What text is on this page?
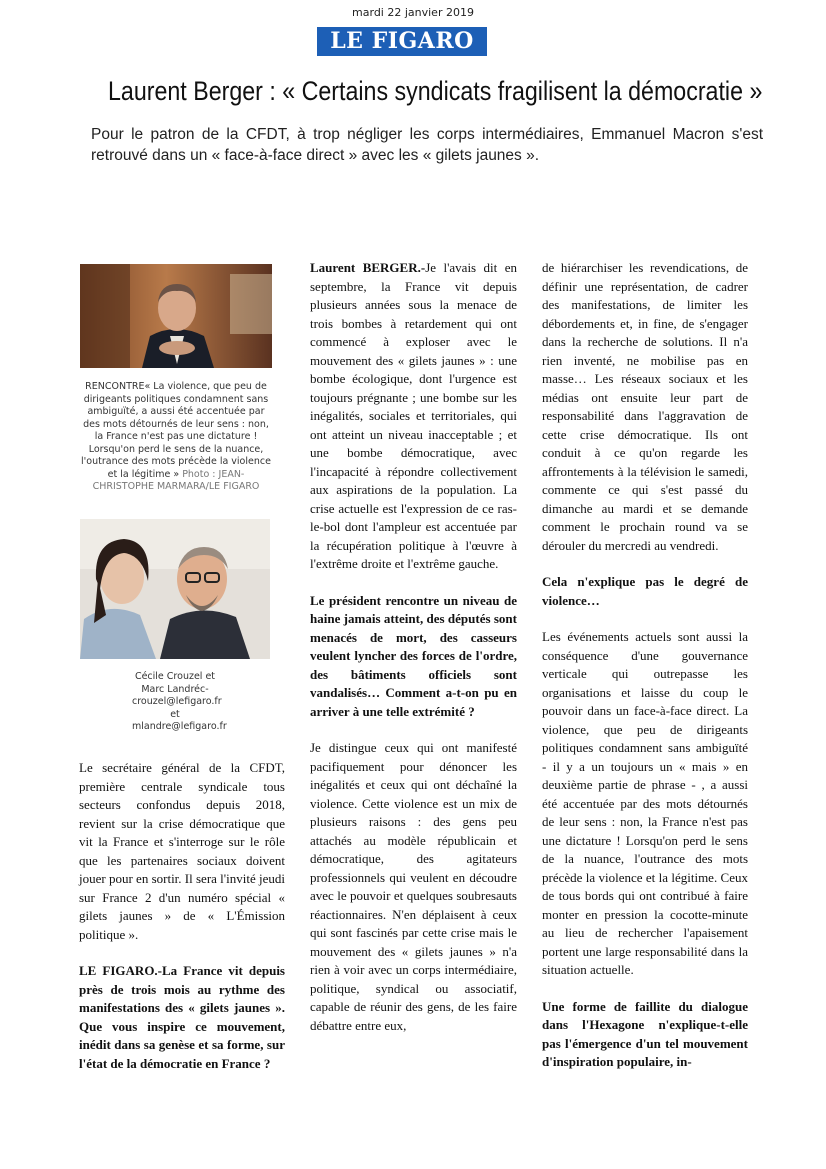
mardi 22 janvier 2019
LE FIGARO
Laurent Berger : « Certains syndicats fragilisent la démocratie »
Pour le patron de la CFDT, à trop négliger les corps intermédiaires, Emmanuel Macron s'est retrouvé dans un « face-à-face direct » avec les « gilets jaunes ».
RENCONTRE« La violence, que peu de dirigeants politiques condamnent sans ambiguïté, a aussi été accentuée par des mots détournés de leur sens : non, la France n'est pas une dictature ! Lorsqu'on perd le sens de la nuance, l'outrance des mots précède la violence et la légitime » Photo : JEAN-CHRISTOPHE MARMARA/LE FIGARO
Cécile Crouzel et Marc Landréc-crouzel@lefigaro.fr et mlandre@lefigaro.fr

Le secrétaire général de la CFDT, première centrale syndicale tous secteurs confondus depuis 2018, revient sur la crise démocratique que vit la France et s'interroge sur le rôle que les partenaires sociaux doivent jouer pour en sortir. Il sera l'invité jeudi sur France 2 d'un numéro spécial « gilets jaunes » de « L'Émission politique ».

LE FIGARO.-La France vit depuis près de trois mois au rythme des manifestations des « gilets jaunes ». Que vous inspire ce mouvement, inédit dans sa genèse et sa forme, sur l'état de la démocratie en France ?

Laurent BERGER.-Je l'avais dit en septembre, la France vit depuis plusieurs années sous la menace de trois bombes à retardement qui ont commencé à exploser avec le mouvement des « gilets jaunes » : une bombe écologique, dont l'urgence est toujours prégnante ; une bombe sur les inégalités, sociales et territoriales, qui ont atteint un niveau inacceptable ; et une bombe démocratique, avec l'incapacité à répondre collectivement aux aspirations de la population. La crise actuelle est l'expression de ce ras-le-bol dont l'ampleur est accentuée par la récupération politique à l'œuvre à l'extrême droite et l'extrême gauche.

Le président rencontre un niveau de haine jamais atteint, des députés sont menacés de mort, des casseurs veulent lyncher des forces de l'ordre, des bâtiments officiels sont vandalisés… Comment a-t-on pu en arriver à une telle extrémité ?

Je distingue ceux qui ont manifesté pacifiquement pour dénoncer les inégalités et ceux qui ont déchaîné la violence. Cette violence est un mix de plusieurs raisons : des gens peu attachés au modèle républicain et démocratique, des agitateurs professionnels qui veulent en découdre avec le pouvoir et quelques soubresauts réactionnaires. N'en déplaisent à ceux qui sont fascinés par cette crise mais le mouvement des « gilets jaunes » n'a rien à voir avec un corps intermédiaire, politique, syndical ou associatif, capable de réunir des gens, de les faire débattre entre eux,

de hiérarchiser les revendications, de définir une représentation, de cadrer des manifestations, de limiter les débordements et, in fine, de s'engager dans la recherche de solutions. Il n'a rien inventé, ne mobilise pas en masse… Les réseaux sociaux et les médias ont ensuite leur part de responsabilité dans l'aggravation de cette crise démocratique. Ils ont conduit à ce qu'on regarde les affrontements à la télévision le samedi, commente ce qui s'est passé du dimanche au mardi et se demande comment le prochain round va se dérouler du mercredi au vendredi.

Cela n'explique pas le degré de violence…

Les événements actuels sont aussi la conséquence d'une gouvernance verticale qui outrepasse les organisations et laisse du coup le pouvoir dans un face-à-face direct. La violence, que peu de dirigeants politiques condamnent sans ambiguïté - il y a un toujours un « mais » en deuxième partie de phrase - , a aussi été accentuée par des mots détournés de leur sens : non, la France n'est pas une dictature ! Lorsqu'on perd le sens de la nuance, l'outrance des mots précède la violence et la légitime. Ceux de tous bords qui ont contribué à faire monter en pression la cocotte-minute au lieu de rechercher l'apaisement portent une large responsabilité dans la situation actuelle.

Une forme de faillite du dialogue dans l'Hexagone n'explique-t-elle pas l'émergence d'un tel mouvement d'inspiration populaire, in-
